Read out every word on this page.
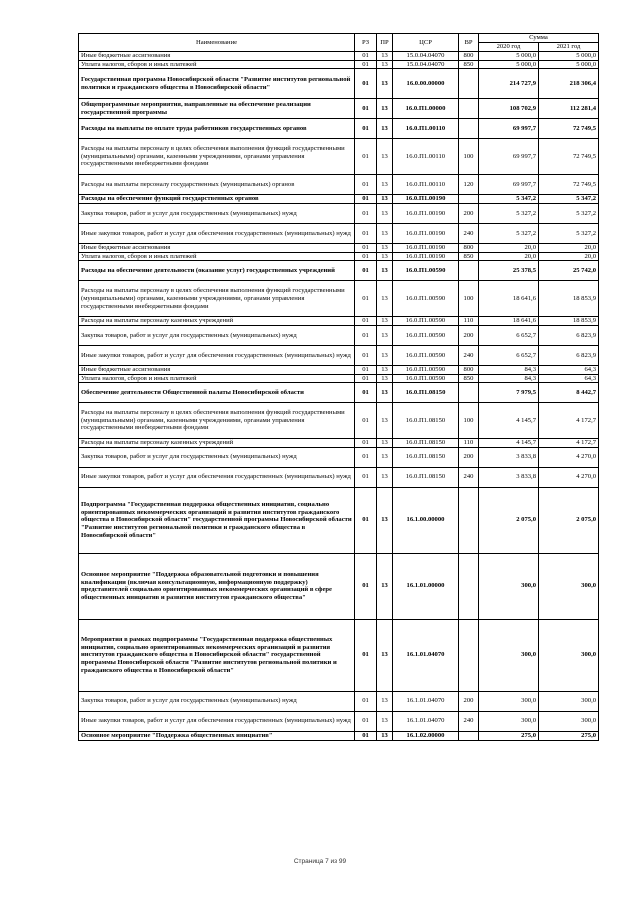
Наименование	РЗ	ПР	ЦСР	ВР	Сумма	
					2020 год	2021 год
Иные бюджетные ассигнования	01	13	15.0.04.04070	800	5 000,0	5 000,0
Уплата налогов, сборов и иных платежей	01	13	15.0.04.04070	850	5 000,0	5 000,0
Государственная программа Новосибирской области "Развитие институтов региональной политики и гражданского общества в Новосибирской области"	01	13	16.0.00.00000		214 727,9	218 306,4
Общепрограммные мероприятия, направленные на обеспечение реализации государственной программы	01	13	16.0.П1.00000		108 702,9	112 281,4
Расходы на выплаты по оплате труда работников государственных органов	01	13	16.0.П1.00110		69 997,7	72 749,5
Расходы на выплаты персоналу в целях обеспечения выполнения функций государственными (муниципальными) органами, казенными учреждениями, органами управления государственными внебюджетными фондами	01	13	16.0.П1.00110	100	69 997,7	72 749,5
Расходы на выплаты персоналу государственных (муниципальных) органов	01	13	16.0.П1.00110	120	69 997,7	72 749,5
Расходы на обеспечение функций государственных органов	01	13	16.0.П1.00190		5 347,2	5 347,2
Закупка товаров, работ и услуг для государственных (муниципальных) нужд	01	13	16.0.П1.00190	200	5 327,2	5 327,2
Иные закупки товаров, работ и услуг для обеспечения государственных (муниципальных) нужд	01	13	16.0.П1.00190	240	5 327,2	5 327,2
Иные бюджетные ассигнования	01	13	16.0.П1.00190	800	20,0	20,0
Уплата налогов, сборов и иных платежей	01	13	16.0.П1.00190	850	20,0	20,0
Расходы на обеспечение деятельности (оказание услуг) государственных учреждений	01	13	16.0.П1.00590		25 378,5	25 742,0
Расходы на выплаты персоналу в целях обеспечения выполнения функций государственными (муниципальными) органами, казенными учреждениями, органами управления государственными внебюджетными фондами	01	13	16.0.П1.00590	100	18 641,6	18 853,9
Расходы на выплаты персоналу казенных учреждений	01	13	16.0.П1.00590	110	18 641,6	18 853,9
Закупка товаров, работ и услуг для государственных (муниципальных) нужд	01	13	16.0.П1.00590	200	6 652,7	6 823,9
Иные закупки товаров, работ и услуг для обеспечения государственных (муниципальных) нужд	01	13	16.0.П1.00590	240	6 652,7	6 823,9
Иные бюджетные ассигнования	01	13	16.0.П1.00590	800	84,3	64,3
Уплата налогов, сборов и иных платежей	01	13	16.0.П1.00590	850	84,3	64,3
Обеспечение деятельности Общественной палаты Новосибирской области	01	13	16.0.П1.08150		7 979,5	8 442,7
Расходы на выплаты персоналу в целях обеспечения выполнения функций государственными (муниципальными) органами, казенными учреждениями, органами управления государственными внебюджетными фондами	01	13	16.0.П1.08150	100	4 145,7	4 172,7
Расходы на выплаты персоналу казенных учреждений	01	13	16.0.П1.08150	110	4 145,7	4 172,7
Закупка товаров, работ и услуг для государственных (муниципальных) нужд	01	13	16.0.П1.08150	200	3 833,8	4 270,0
Иные закупки товаров, работ и услуг для обеспечения государственных (муниципальных) нужд	01	13	16.0.П1.08150	240	3 833,8	4 270,0
Подпрограмма "Государственная поддержка общественных инициатив, социально ориентированных некоммерческих организаций и развития институтов гражданского общества в Новосибирской области" государственной программы Новосибирской области "Развитие институтов региональной политики и гражданского общества в Новосибирской области"	01	13	16.1.00.00000		2 075,0	2 075,0
Основное мероприятие "Поддержка образовательной подготовки и повышения квалификации (включая консультационную, информационную поддержку) представителей социально ориентированных некоммерческих организаций в сфере общественных инициатив и развития институтов гражданского общества"	01	13	16.1.01.00000		300,0	300,0
Мероприятия в рамках подпрограммы "Государственная поддержка общественных инициатив, социально ориентированных некоммерческих организаций и развития институтов гражданского общества в Новосибирской области" государственной программы Новосибирской области "Развитие институтов региональной политики и гражданского общества в Новосибирской области"	01	13	16.1.01.04070		300,0	300,0
Закупка товаров, работ и услуг для государственных (муниципальных) нужд	01	13	16.1.01.04070	200	300,0	300,0
Иные закупки товаров, работ и услуг для обеспечения государственных (муниципальных) нужд	01	13	16.1.01.04070	240	300,0	300,0
Основное мероприятие "Поддержка общественных инициатив"	01	13	16.1.02.00000		275,0	275,0
Страница 7 из 99
